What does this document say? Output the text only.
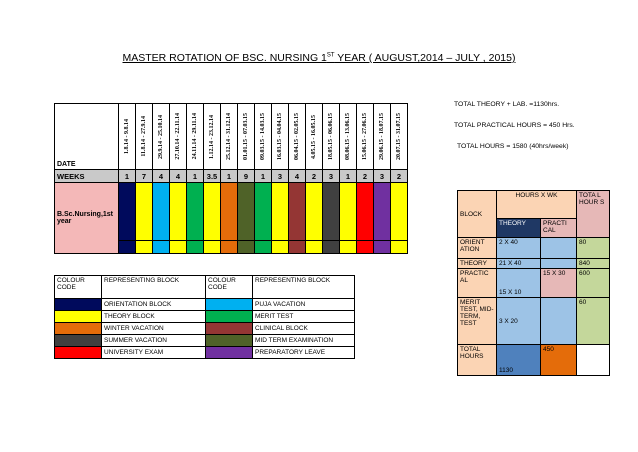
MASTER ROTATION OF BSC. NURSING 1ST YEAR ( AUGUST,2014 – JULY , 2015)
DATE	1.8.14 - 9.8.14	11.8.14 - 27.9.14	29.9.14 - 25.10.14	27.10.14 - 22.11.14	24.11.14 - 29.11.14	1.12.14 - 23.12.14	25.12.14 - 31.12.14	01.01.15 - 07.03.15	09.03.15 - 14.03.15	16.03.15 - 04.04.15	06.04.15 - 02.05.15	4.05.15 - 16.05.15	18.05.15 - 06.06.15	08.06.15 - 13.06.15	15.06.15 - 27.06.15	29.06.15 - 18.07.15	20.07.15 - 31.07.15

WEEKS	1	7	4	4	1	3.5	1	9	1	3	4	2	3	1	2	3	2
B.Sc.Nursing,1st year																	

COLOUR CODE	REPRESENTING BLOCK	COLOUR CODE	REPRESENTING BLOCK
	ORIENTATION BLOCK		PUJA VACATION
	THEORY BLOCK		MERIT TEST
	WINTER VACATION		CLINICAL BLOCK
	SUMMER VACATION		MID TERM EXAMINATION
	UNIVERSITY EXAM		PREPARATORY LEAVE
TOTAL THEORY + LAB. =1130hrs.
TOTAL PRACTICAL HOURS = 450 Hrs.
TOTAL HOURS = 1580 (40hrs/week)
BLOCK	HOURS X WK		TOTA L HOUR S
	THEORY	PRACTI CAL	
ORIENT ATION	2 X 40		80
THEORY	21 X 40		840
PRACTIC AL	15 X 10	15 X 30	600
MERIT TEST, MID- TERM, TEST	3 X 20		60
TOTAL HOURS	1130	450	
